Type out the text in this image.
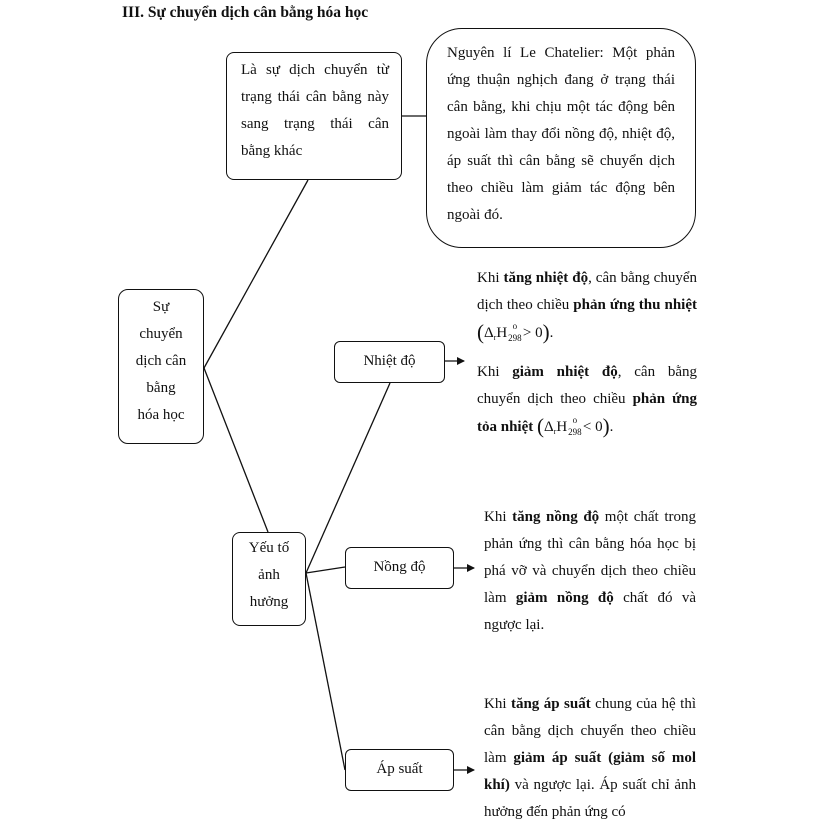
III. Sự chuyển dịch cân bằng hóa học
Là sự dịch chuyển từ
trạng thái cân bằng này
sang trạng thái cân
bằng khác
Nguyên lí Le Chatelier: Một phản ứng thuận nghịch đang ở trạng thái cân bằng, khi chịu một tác động bên ngoài làm thay đổi nồng độ, nhiệt độ, áp suất thì cân bằng sẽ chuyển dịch theo chiều làm giảm tác động bên ngoài đó.
Sự
chuyển
dịch cân
bằng
hóa học
Yếu tố
ảnh
hưởng
Nhiệt độ
Nồng độ
Áp suất
Khi tăng nhiệt độ, cân bằng chuyển dịch theo chiều phản ứng thu nhiệt $(\Delta_rH298o > 0)$.
Khi giảm nhiệt độ, cân bằng chuyển dịch theo chiều phản ứng tỏa nhiệt $(\Delta_rH298o < 0)$.
Khi tăng nồng độ một chất trong phản ứng thì cân bằng hóa học bị phá vỡ và chuyển dịch theo chiều làm giảm nồng độ chất đó và ngược lại.
Khi tăng áp suất chung của hệ thì cân bằng dịch chuyển theo chiều làm giảm áp suất (giảm số mol khí) và ngược lại. Áp suất chỉ ảnh hưởng đến phản ứng có
